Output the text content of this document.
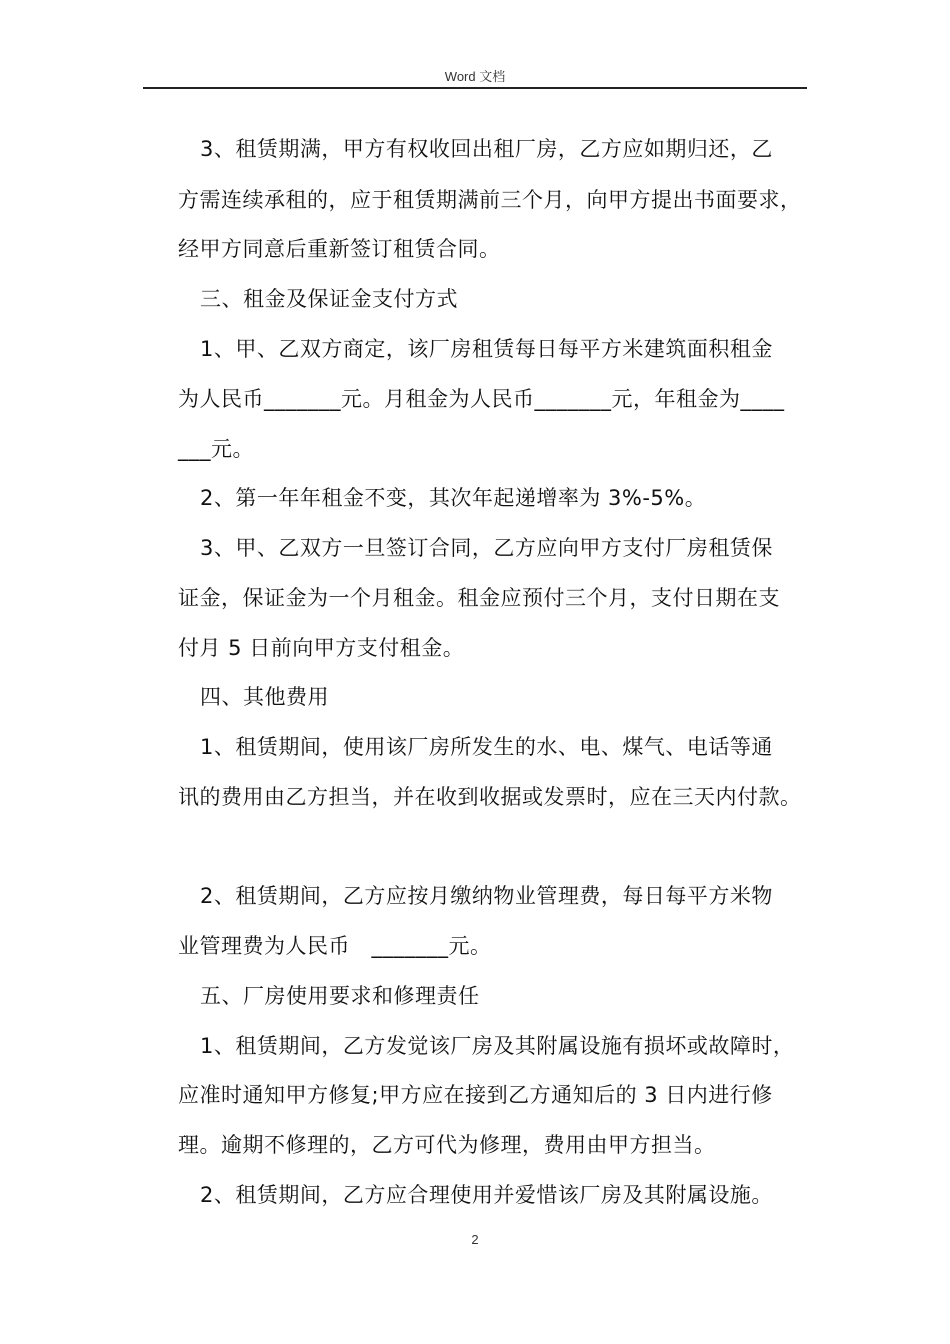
Word 文档
3、租赁期满，甲方有权收回出租厂房，乙方应如期归还，乙
方需连续承租的，应于租赁期满前三个月，向甲方提出书面要求，
经甲方同意后重新签订租赁合同。
三、租金及保证金支付方式
1、甲、乙双方商定，该厂房租赁每日每平方米建筑面积租金
为人民币_______元。月租金为人民币_______元，年租金为____
___元。
2、第一年年租金不变，其次年起递增率为 3%-5%。
3、甲、乙双方一旦签订合同，乙方应向甲方支付厂房租赁保
证金，保证金为一个月租金。租金应预付三个月，支付日期在支
付月 5 日前向甲方支付租金。
四、其他费用
1、租赁期间，使用该厂房所发生的水、电、煤气、电话等通
讯的费用由乙方担当，并在收到收据或发票时，应在三天内付款。
2、租赁期间，乙方应按月缴纳物业管理费，每日每平方米物
业管理费为人民币　_______元。
五、厂房使用要求和修理责任
1、租赁期间，乙方发觉该厂房及其附属设施有损坏或故障时，
应准时通知甲方修复;甲方应在接到乙方通知后的 3 日内进行修
理。逾期不修理的，乙方可代为修理，费用由甲方担当。
2、租赁期间，乙方应合理使用并爱惜该厂房及其附属设施。
2
